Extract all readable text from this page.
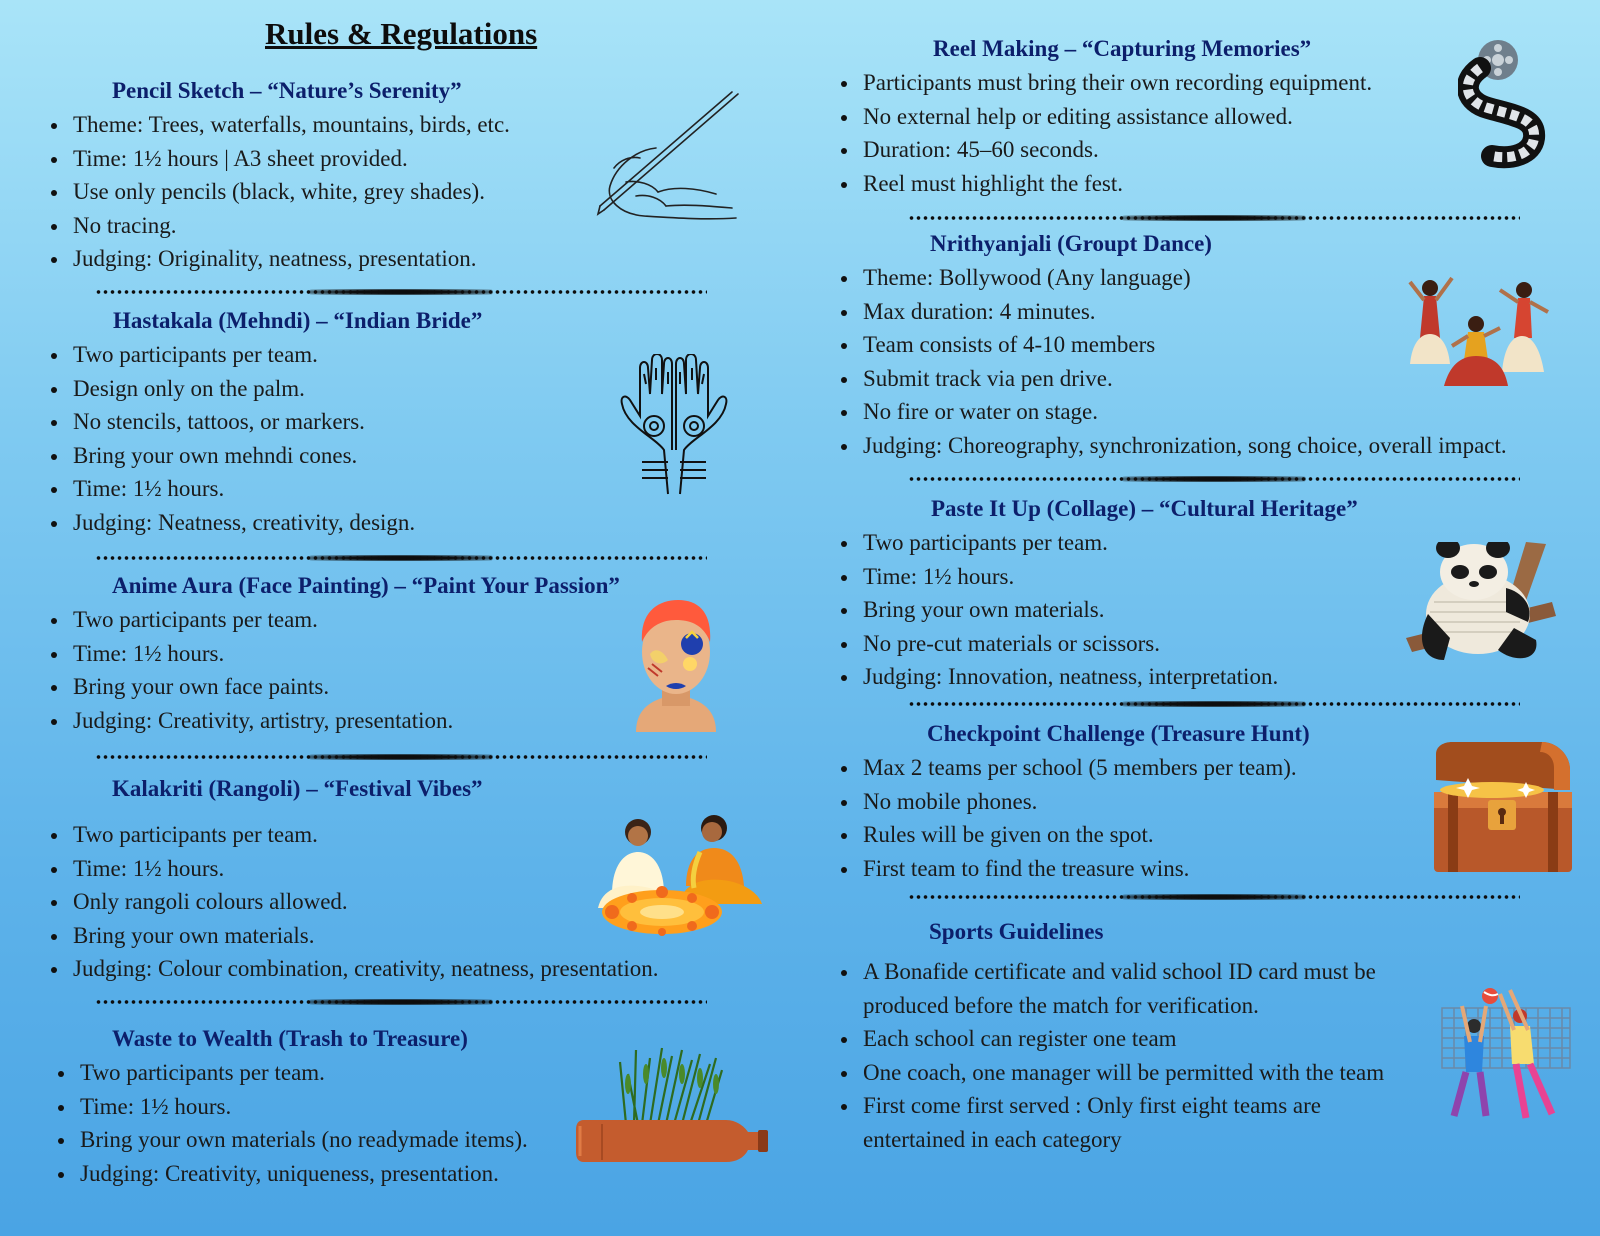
Rules & Regulations
Pencil Sketch – “Nature’s Serenity”
Theme: Trees, waterfalls, mountains, birds, etc.
Time: 1½ hours | A3 sheet provided.
Use only pencils (black, white, grey shades).
No tracing.
Judging: Originality, neatness, presentation.
Hastakala (Mehndi) – “Indian Bride”
Two participants per team.
Design only on the palm.
No stencils, tattoos, or markers.
Bring your own mehndi cones.
Time: 1½ hours.
Judging: Neatness, creativity, design.
Anime Aura (Face Painting) – “Paint Your Passion”
Two participants per team.
Time: 1½ hours.
Bring your own face paints.
Judging: Creativity, artistry, presentation.
Kalakriti (Rangoli) – “Festival Vibes”
Two participants per team.
Time: 1½ hours.
Only rangoli colours allowed.
Bring your own materials.
Judging: Colour combination, creativity, neatness, presentation.
Waste to Wealth (Trash to Treasure)
Two participants per team.
Time: 1½ hours.
Bring your own materials (no readymade items).
Judging: Creativity, uniqueness, presentation.
Reel Making – “Capturing Memories”
Participants must bring their own recording equipment.
No external help or editing assistance allowed.
Duration: 45–60 seconds.
Reel must highlight the fest.
Nrithyanjali (Groupt Dance)
Theme: Bollywood (Any language)
Max duration: 4 minutes.
Team consists of 4-10 members
Submit track via pen drive.
No fire or water on stage.
Judging: Choreography, synchronization, song choice, overall impact.
Paste It Up (Collage) – “Cultural Heritage”
Two participants per team.
Time: 1½ hours.
Bring your own materials.
No pre-cut materials or scissors.
Judging: Innovation, neatness, interpretation.
Checkpoint Challenge (Treasure Hunt)
Max 2 teams per school (5 members per team).
No mobile phones.
Rules will be given on the spot.
First team to find the treasure wins.
Sports Guidelines
A Bonafide certificate and valid school ID card must be produced before the match for verification.
Each school can register one team
One coach, one manager will be permitted with the team
First come first served : Only first eight teams are entertained in each category
